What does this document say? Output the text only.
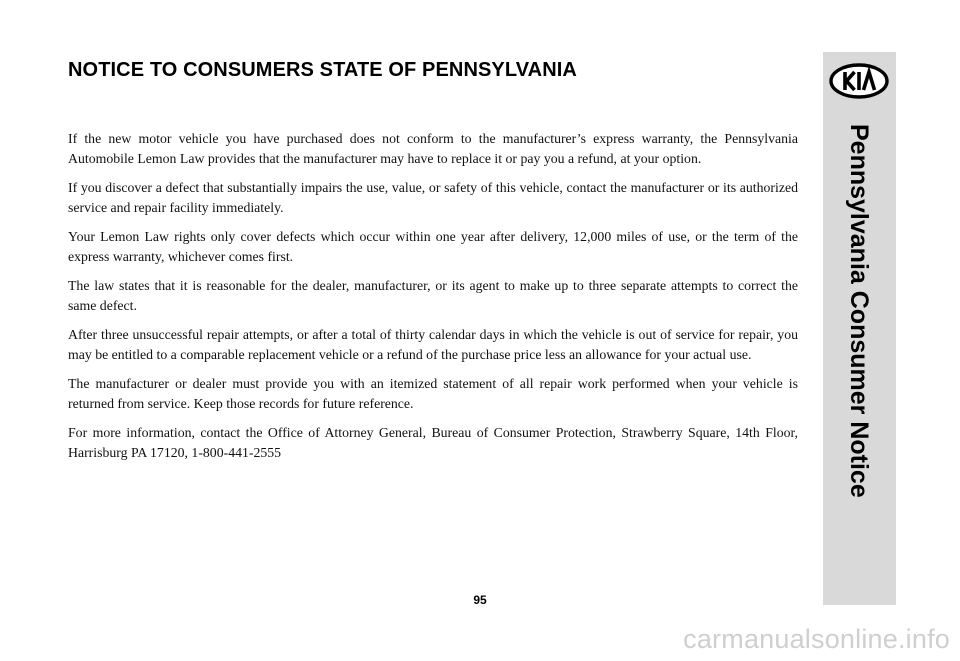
NOTICE TO CONSUMERS STATE OF PENNSYLVANIA

If the new motor vehicle you have purchased does not conform to the manufacturer’s express warranty, the Pennsylvania Automobile Lemon Law provides that the manufacturer may have to replace it or pay you a refund, at your option.

If you discover a defect that substantially impairs the use, value, or safety of this vehicle, contact the manufacturer or its authorized service and repair facility immediately.

Your Lemon Law rights only cover defects which occur within one year after delivery, 12,000 miles of use, or the term of the express warranty, whichever comes first.

The law states that it is reasonable for the dealer, manufacturer, or its agent to make up to three separate attempts to correct the same defect.

After three unsuccessful repair attempts, or after a total of thirty calendar days in which the vehicle is out of service for repair, you may be entitled to a comparable replacement vehicle or a refund of the purchase price less an allowance for your actual use.

The manufacturer or dealer must provide you with an itemized statement of all repair work performed when your vehicle is returned from service. Keep those records for future reference.

For more information, contact the Office of Attorney General, Bureau of Consumer Protection, Strawberry Square, 14th Floor, Harrisburg PA 17120, 1-800-441-2555	Pennsylvania Consumer Notice
95
carmanualsonline.info
